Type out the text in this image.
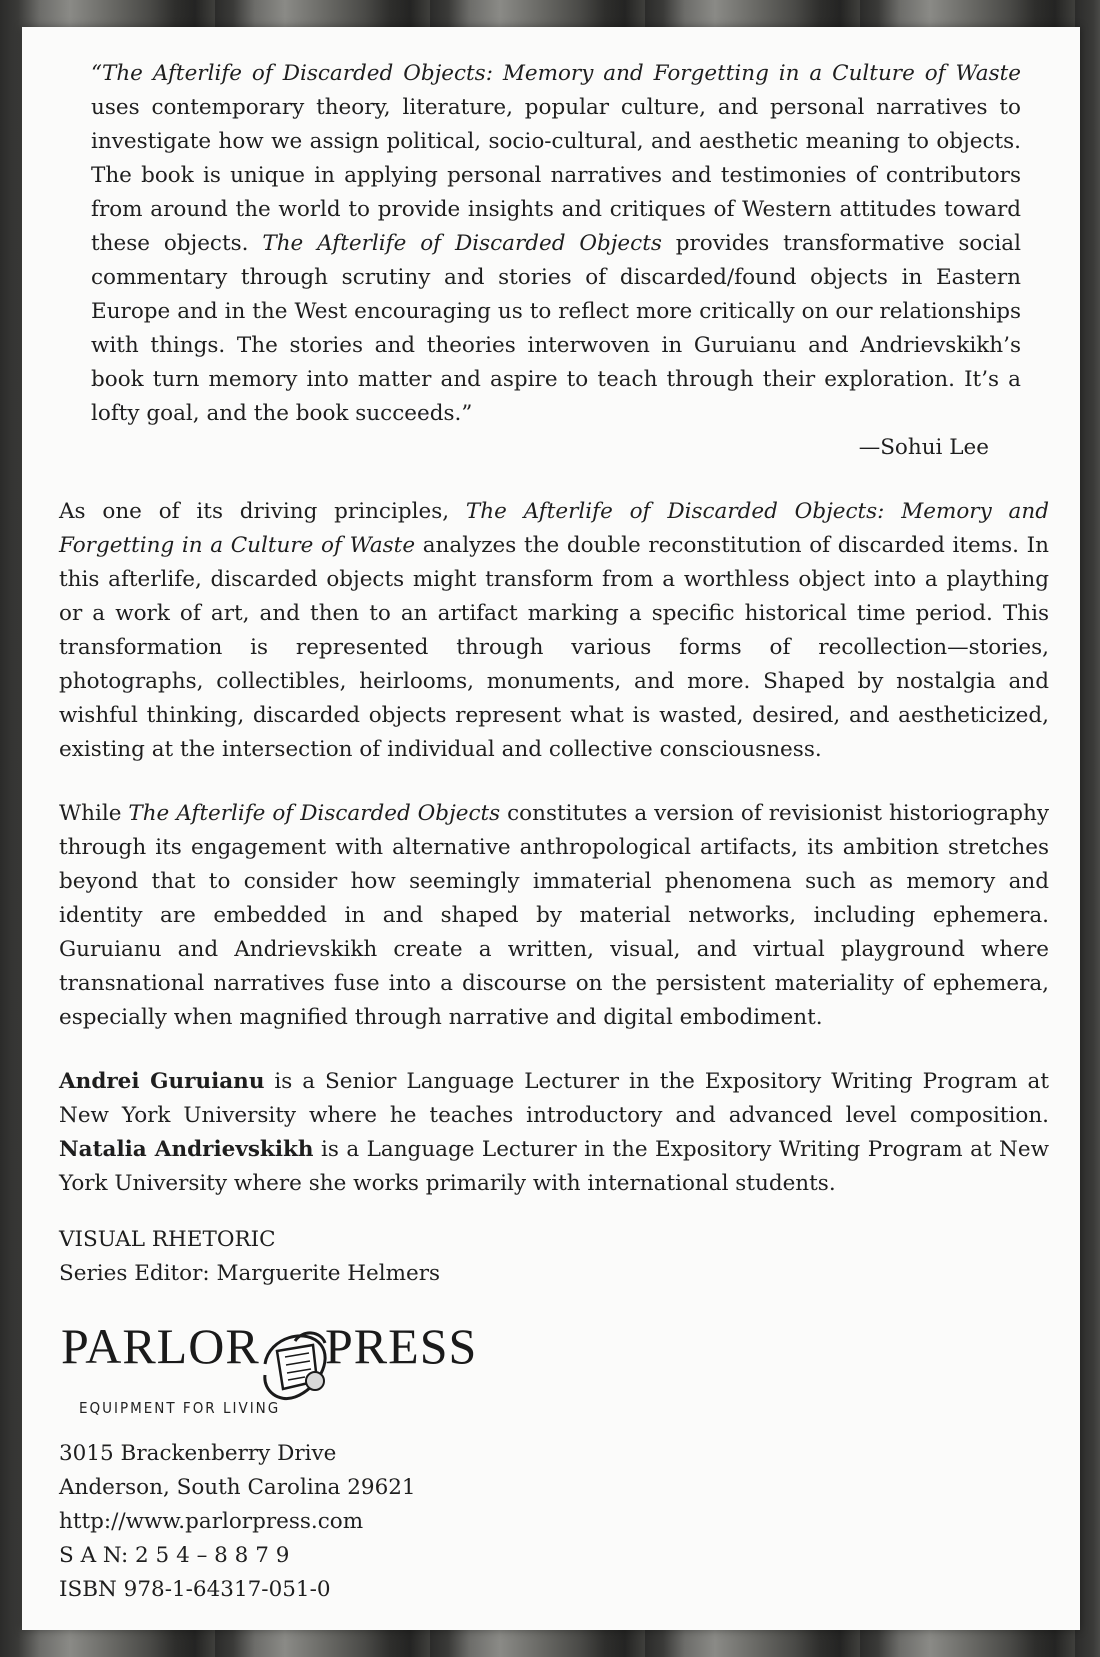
“The Afterlife of Discarded Objects: Memory and Forgetting in a Culture of Waste uses contemporary theory, literature, popular culture, and personal narratives to investigate how we assign political, socio-cultural, and aesthetic meaning to objects. The book is unique in applying personal narratives and testimonies of contributors from around the world to provide insights and critiques of Western attitudes toward these objects. The Afterlife of Discarded Objects provides transformative social commentary through scrutiny and stories of discarded/found objects in Eastern Europe and in the West encouraging us to reflect more critically on our relationships with things. The stories and theories interwoven in Guruianu and Andrievskikh’s book turn memory into matter and aspire to teach through their exploration. It’s a lofty goal, and the book succeeds.”

—Sohui Lee

As one of its driving principles, The Afterlife of Discarded Objects: Memory and Forgetting in a Culture of Waste analyzes the double reconstitution of discarded items. In this afterlife, discarded objects might transform from a worthless object into a plaything or a work of art, and then to an artifact marking a specific historical time period. This transformation is represented through various forms of recollection—stories, photographs, collectibles, heirlooms, monuments, and more. Shaped by nostalgia and wishful thinking, discarded objects represent what is wasted, desired, and aestheticized, existing at the intersection of individual and collective consciousness.

While The Afterlife of Discarded Objects constitutes a version of revisionist historiography through its engagement with alternative anthropological artifacts, its ambition stretches beyond that to consider how seemingly immaterial phenomena such as memory and identity are embedded in and shaped by material networks, including ephemera. Guruianu and Andrievskikh create a written, visual, and virtual playground where transnational narratives fuse into a discourse on the persistent materiality of ephemera, especially when magnified through narrative and digital embodiment.

Andrei Guruianu is a Senior Language Lecturer in the Expository Writing Program at New York University where he teaches introductory and advanced level composition. Natalia Andrievskikh is a Language Lecturer in the Expository Writing Program at New York University where she works primarily with international students.

VISUAL RHETORIC
Series Editor: Marguerite Helmers
PARLOR PRESS
EQUIPMENT FOR LIVING
3015 Brackenberry Drive
Anderson, South Carolina 29621
http://www.parlorpress.com
S A N: 2 5 4 – 8 8 7 9
ISBN 978-1-64317-051-0
